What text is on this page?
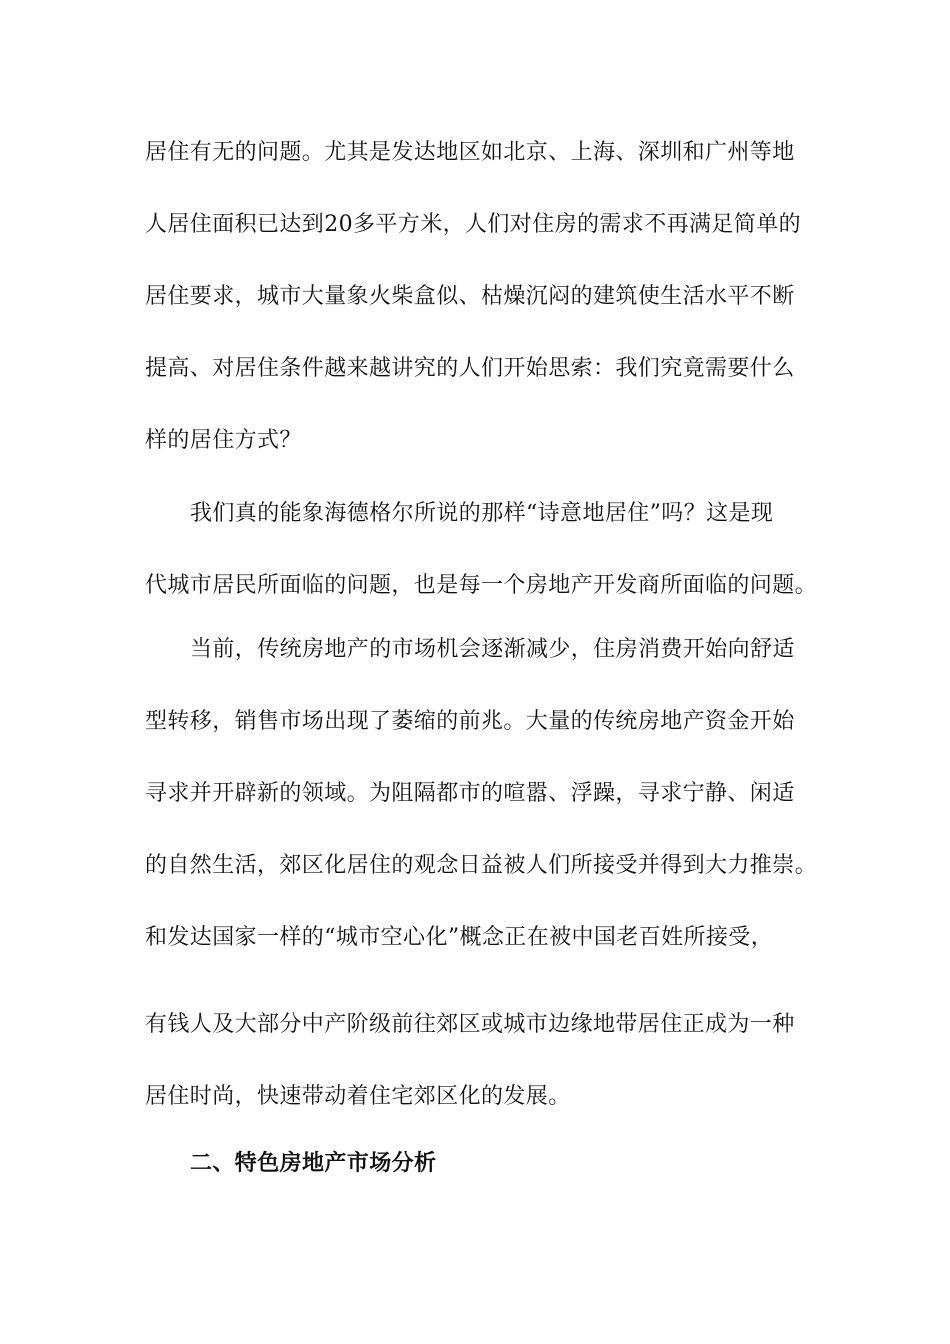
居住有无的问题。尤其是发达地区如北京、上海、深圳和广州等地
人居住面积已达到20多平方米，人们对住房的需求不再满足简单的
居住要求，城市大量象火柴盒似、枯燥沉闷的建筑使生活水平不断
提高、对居住条件越来越讲究的人们开始思索：我们究竟需要什么
样的居住方式？
我们真的能象海德格尔所说的那样“诗意地居住”吗？这是现
代城市居民所面临的问题，也是每一个房地产开发商所面临的问题。
当前，传统房地产的市场机会逐渐减少，住房消费开始向舒适
型转移，销售市场出现了萎缩的前兆。大量的传统房地产资金开始
寻求并开辟新的领域。为阻隔都市的喧嚣、浮躁，寻求宁静、闲适
的自然生活，郊区化居住的观念日益被人们所接受并得到大力推崇。
和发达国家一样的“城市空心化”概念正在被中国老百姓所接受，
有钱人及大部分中产阶级前往郊区或城市边缘地带居住正成为一种
居住时尚，快速带动着住宅郊区化的发展。
二、特色房地产市场分析
